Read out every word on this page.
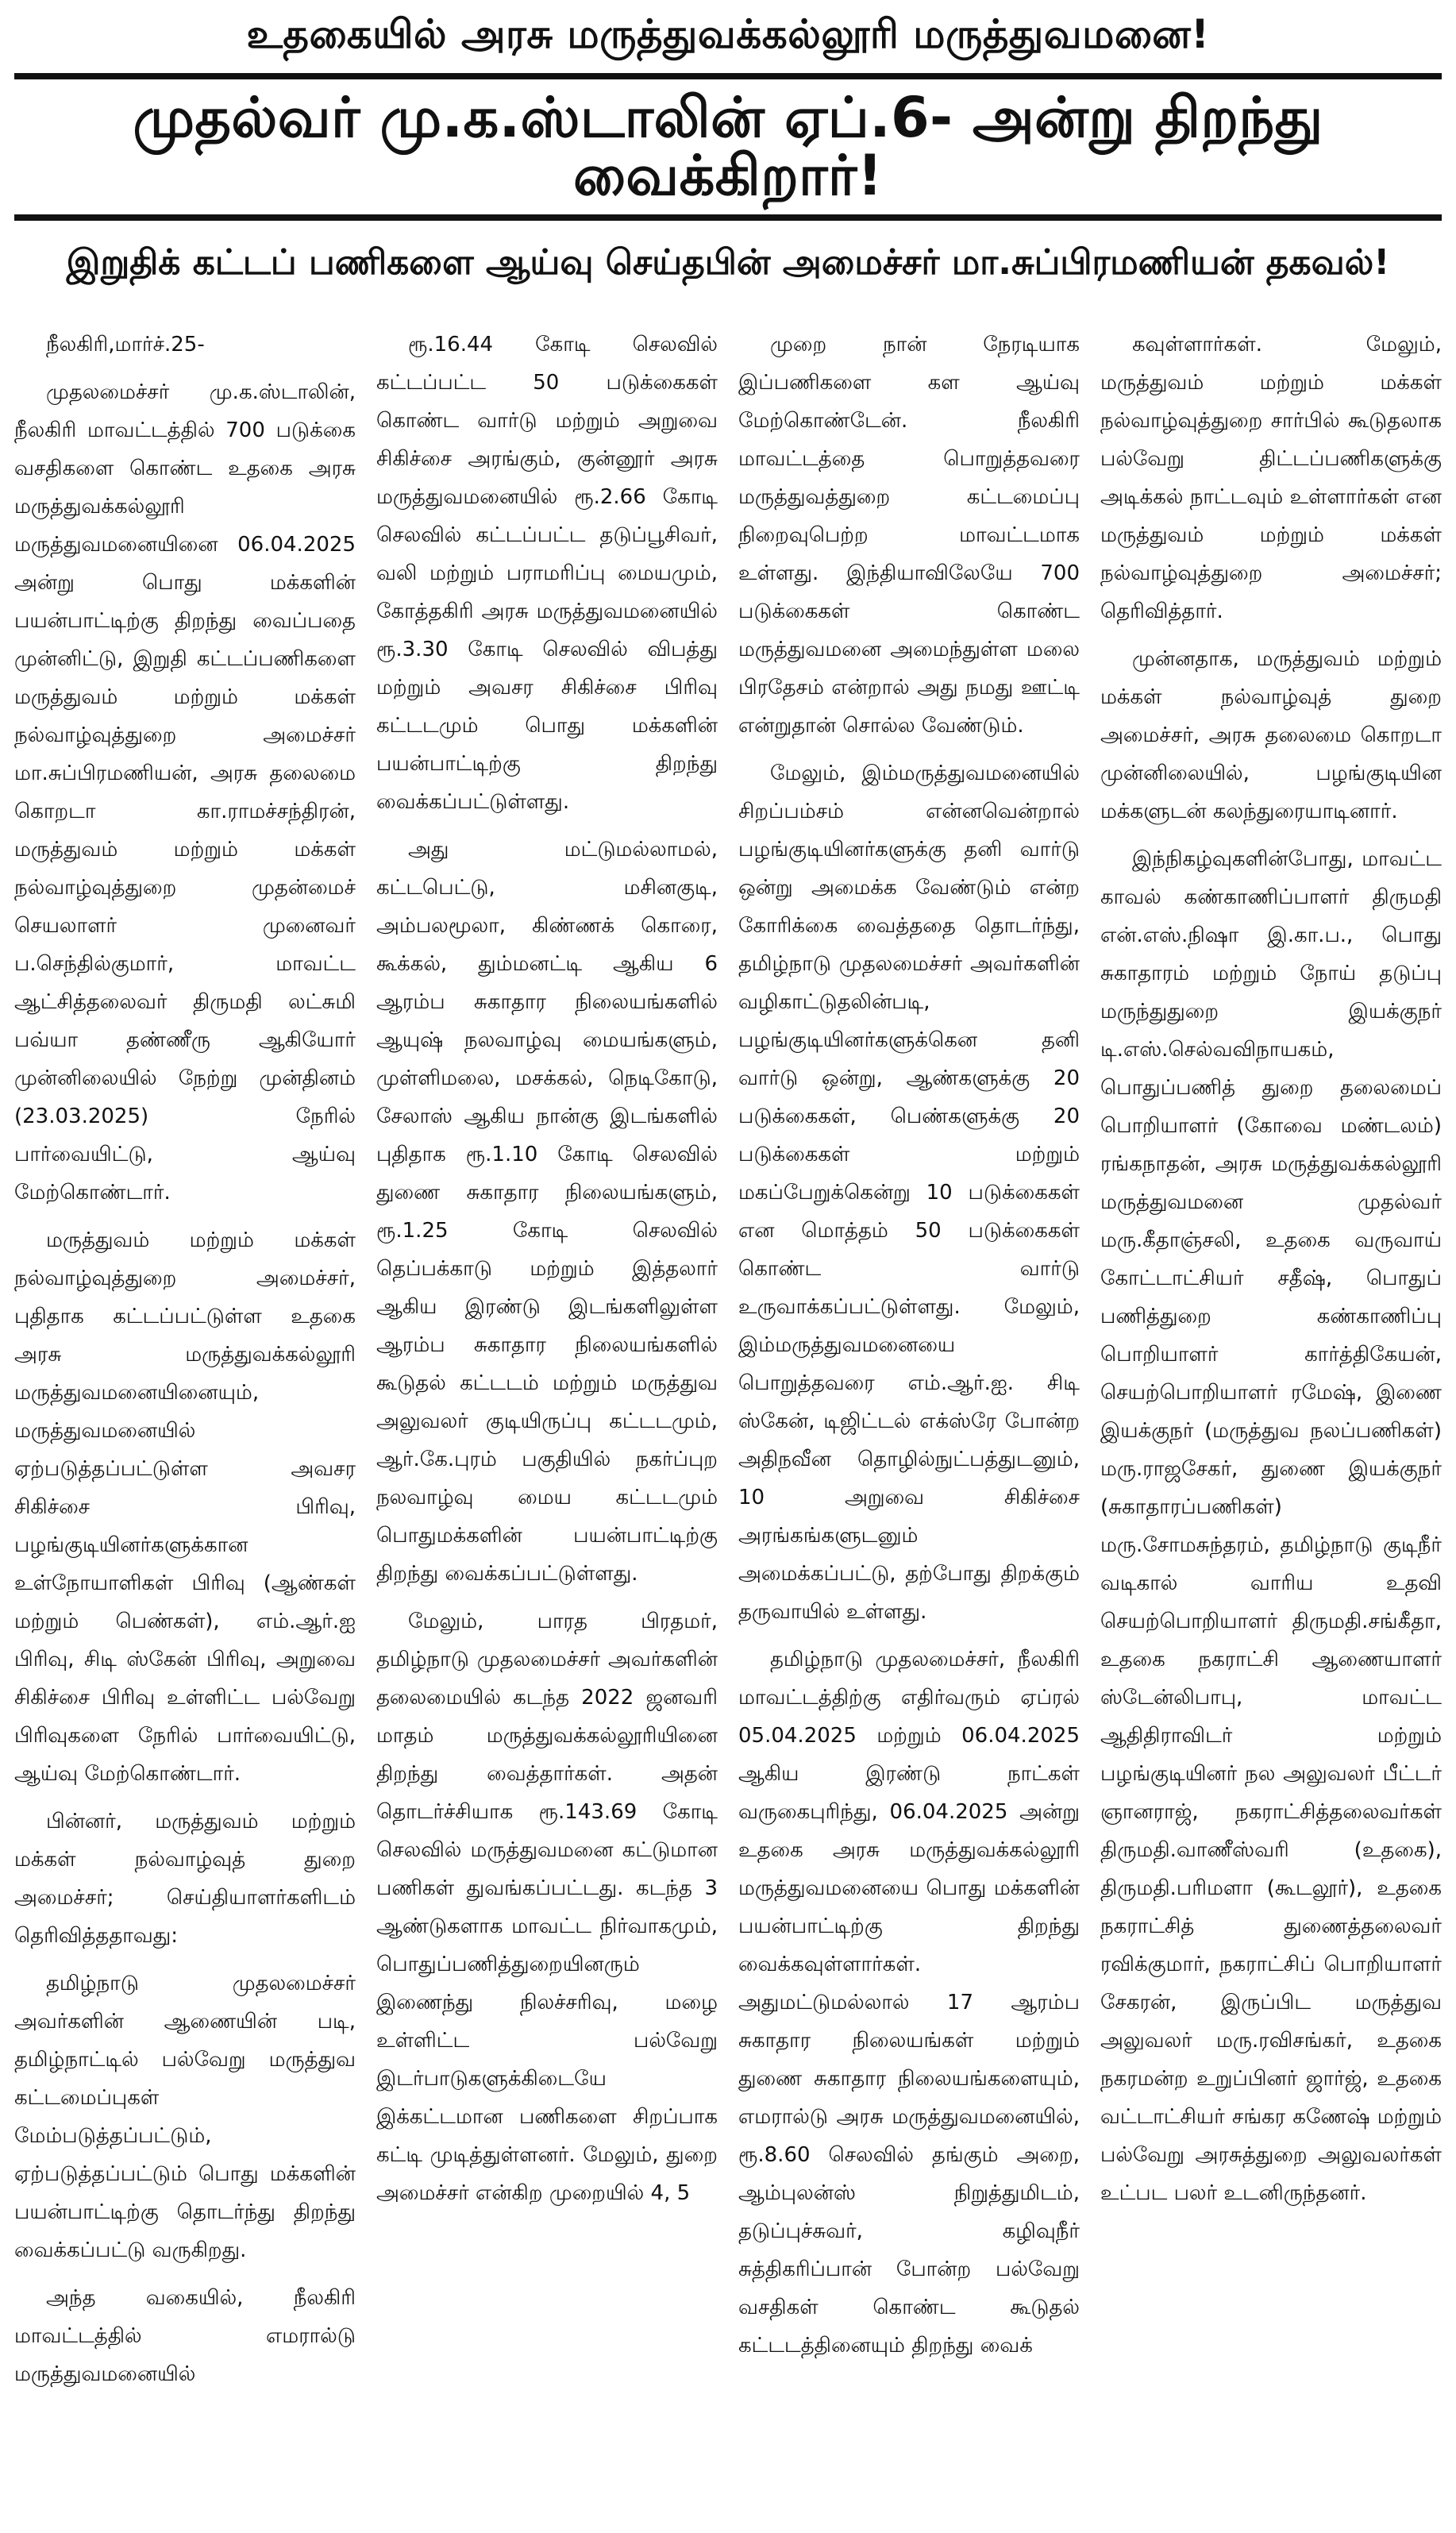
உதகையில் அரசு மருத்துவக்கல்லூரி மருத்துவமனை!
முதல்வர் மு.க.ஸ்டாலின் ஏப்.6- அன்று திறந்து வைக்கிறார்!
இறுதிக் கட்டப் பணிகளை ஆய்வு செய்தபின் அமைச்சர் மா.சுப்பிரமணியன் தகவல்!

நீலகிரி,மார்ச்.25-

முதலமைச்சர் மு.க.ஸ்டாலின், நீலகிரி மாவட்டத்தில் 700 படுக்கை வசதிகளை கொண்ட உதகை அரசு மருத்துவக்கல்லூரி மருத்துவமனையினை 06.04.2025 அன்று பொது மக்களின் பயன்பாட்டிற்கு திறந்து வைப்பதை முன்னிட்டு, இறுதி கட்டப்பணிகளை மருத்துவம் மற்றும் மக்கள் நல்வாழ்வுத்துறை அமைச்சர் மா.சுப்பிரமணியன், அரசு தலைமை கொறடா கா.ராமச்சந்திரன், மருத்துவம் மற்றும் மக்கள் நல்வாழ்வுத்துறை முதன்மைச் செயலாளர் முனைவர் ப.செந்தில்குமார், மாவட்ட ஆட்சித்தலைவர் திருமதி லட்சுமி பவ்யா தண்ணீரு ஆகியோர் முன்னிலையில் நேற்று முன்தினம் (23.03.2025) நேரில் பார்வையிட்டு, ஆய்வு மேற்கொண்டார்.

மருத்துவம் மற்றும் மக்கள் நல்வாழ்வுத்துறை அமைச்சர், புதிதாக கட்டப்பட்டுள்ள உதகை அரசு மருத்துவக்கல்லூரி மருத்துவமனையினையும், மருத்துவமனையில் ஏற்படுத்தப்பட்டுள்ள அவசர சிகிச்சை பிரிவு, பழங்குடியினர்களுக்கான உள்நோயாளிகள் பிரிவு (ஆண்கள் மற்றும் பெண்கள்), எம்.ஆர்.ஐ பிரிவு, சிடி ஸ்கேன் பிரிவு, அறுவை சிகிச்சை பிரிவு உள்ளிட்ட பல்வேறு பிரிவுகளை நேரில் பார்வையிட்டு, ஆய்வு மேற்கொண்டார்.

பின்னர், மருத்துவம் மற்றும் மக்கள் நல்வாழ்வுத் துறை அமைச்சர்; செய்தியாளர்களிடம் தெரிவித்ததாவது:

தமிழ்நாடு முதலமைச்சர் அவர்களின் ஆணையின் படி, தமிழ்நாட்டில் பல்வேறு மருத்துவ கட்டமைப்புகள் மேம்படுத்தப்பட்டும், ஏற்படுத்தப்பட்டும் பொது மக்களின் பயன்பாட்டிற்கு தொடர்ந்து திறந்து வைக்கப்பட்டு வருகிறது.

அந்த வகையில், நீலகிரி மாவட்டத்தில் எமரால்டு மருத்துவமனையில்

ரூ.16.44 கோடி செலவில் கட்டப்பட்ட 50 படுக்கைகள் கொண்ட வார்டு மற்றும் அறுவை சிகிச்சை அரங்கும், குன்னூர் அரசு மருத்துவமனையில் ரூ.2.66 கோடி செலவில் கட்டப்பட்ட தடுப்பூசிவர், வலி மற்றும் பராமரிப்பு மையமும், கோத்தகிரி அரசு மருத்துவமனையில் ரூ.3.30 கோடி செலவில் விபத்து மற்றும் அவசர சிகிச்சை பிரிவு கட்டடமும் பொது மக்களின் பயன்பாட்டிற்கு திறந்து வைக்கப்பட்டுள்ளது.

அது மட்டுமல்லாமல், கட்டபெட்டு, மசினகுடி, அம்பலமூலா, கிண்ணக் கொரை, கூக்கல், தும்மனட்டி ஆகிய 6 ஆரம்ப சுகாதார நிலையங்களில் ஆயுஷ் நலவாழ்வு மையங்களும், முள்ளிமலை, மசக்கல், நெடிகோடு, சேலாஸ் ஆகிய நான்கு இடங்களில் புதிதாக ரூ.1.10 கோடி செலவில் துணை சுகாதார நிலையங்களும், ரூ.1.25 கோடி செலவில் தெப்பக்காடு மற்றும் இத்தலார் ஆகிய இரண்டு இடங்களிலுள்ள ஆரம்ப சுகாதார நிலையங்களில் கூடுதல் கட்டடம் மற்றும் மருத்துவ அலுவலர் குடியிருப்பு கட்டடமும், ஆர்.கே.புரம் பகுதியில் நகர்ப்புற நலவாழ்வு மைய கட்டடமும் பொதுமக்களின் பயன்பாட்டிற்கு திறந்து வைக்கப்பட்டுள்ளது.

மேலும், பாரத பிரதமர், தமிழ்நாடு முதலமைச்சர் அவர்களின் தலைமையில் கடந்த 2022 ஜனவரி மாதம் மருத்துவக்கல்லூரியினை திறந்து வைத்தார்கள். அதன் தொடர்ச்சியாக ரூ.143.69 கோடி செலவில் மருத்துவமனை கட்டுமான பணிகள் துவங்கப்பட்டது. கடந்த 3 ஆண்டுகளாக மாவட்ட நிர்வாகமும், பொதுப்பணித்துறையினரும் இணைந்து நிலச்சரிவு, மழை உள்ளிட்ட பல்வேறு இடர்பாடுகளுக்கிடையே இக்கட்டமான பணிகளை சிறப்பாக கட்டி முடித்துள்ளனர். மேலும், துறை அமைச்சர் என்கிற முறையில் 4, 5

முறை நான் நேரடியாக இப்பணிகளை கள ஆய்வு மேற்கொண்டேன். நீலகிரி மாவட்டத்தை பொறுத்தவரை மருத்துவத்துறை கட்டமைப்பு நிறைவுபெற்ற மாவட்டமாக உள்ளது. இந்தியாவிலேயே 700 படுக்கைகள் கொண்ட மருத்துவமனை அமைந்துள்ள மலை பிரதேசம் என்றால் அது நமது ஊட்டி என்றுதான் சொல்ல வேண்டும்.

மேலும், இம்மருத்துவமனையில் சிறப்பம்சம் என்னவென்றால் பழங்குடியினர்களுக்கு தனி வார்டு ஒன்று அமைக்க வேண்டும் என்ற கோரிக்கை வைத்ததை தொடர்ந்து, தமிழ்நாடு முதலமைச்சர் அவர்களின் வழிகாட்டுதலின்படி, பழங்குடியினர்களுக்கென தனி வார்டு ஒன்று, ஆண்களுக்கு 20 படுக்கைகள், பெண்களுக்கு 20 படுக்கைகள் மற்றும் மகப்பேறுக்கென்று 10 படுக்கைகள் என மொத்தம் 50 படுக்கைகள் கொண்ட வார்டு உருவாக்கப்பட்டுள்ளது. மேலும், இம்மருத்துவமனையை பொறுத்தவரை எம்.ஆர்.ஐ. சிடி ஸ்கேன், டிஜிட்டல் எக்ஸ்ரே போன்ற அதிநவீன தொழில்நுட்பத்துடனும், 10 அறுவை சிகிச்சை அரங்கங்களுடனும் அமைக்கப்பட்டு, தற்போது திறக்கும் தருவாயில் உள்ளது.

தமிழ்நாடு முதலமைச்சர், நீலகிரி மாவட்டத்திற்கு எதிர்வரும் ஏப்ரல் 05.04.2025 மற்றும் 06.04.2025 ஆகிய இரண்டு நாட்கள் வருகைபுரிந்து, 06.04.2025 அன்று உதகை அரசு மருத்துவக்கல்லூரி மருத்துவமனையை பொது மக்களின் பயன்பாட்டிற்கு திறந்து வைக்கவுள்ளார்கள். அதுமட்டுமல்லால் 17 ஆரம்ப சுகாதார நிலையங்கள் மற்றும் துணை சுகாதார நிலையங்களையும், எமரால்டு அரசு மருத்துவமனையில், ரூ.8.60 செலவில் தங்கும் அறை, ஆம்புலன்ஸ் நிறுத்துமிடம், தடுப்புச்சுவர், கழிவுநீர் சுத்திகரிப்பான் போன்ற பல்வேறு வசதிகள் கொண்ட கூடுதல் கட்டடத்தினையும் திறந்து வைக்

கவுள்ளார்கள். மேலும், மருத்துவம் மற்றும் மக்கள் நல்வாழ்வுத்துறை சார்பில் கூடுதலாக பல்வேறு திட்டப்பணிகளுக்கு அடிக்கல் நாட்டவும் உள்ளார்கள் என மருத்துவம் மற்றும் மக்கள் நல்வாழ்வுத்துறை அமைச்சர்; தெரிவித்தார்.

முன்னதாக, மருத்துவம் மற்றும் மக்கள் நல்வாழ்வுத் துறை அமைச்சர், அரசு தலைமை கொறடா முன்னிலையில், பழங்குடியின மக்களுடன் கலந்துரையாடினார்.

இந்நிகழ்வுகளின்போது, மாவட்ட காவல் கண்காணிப்பாளர் திருமதி என்.எஸ்.நிஷா இ.கா.ப., பொது சுகாதாரம் மற்றும் நோய் தடுப்பு மருந்துதுறை இயக்குநர் டி.எஸ்.செல்வவிநாயகம், பொதுப்பணித் துறை தலைமைப் பொறியாளர் (கோவை மண்டலம்) ரங்கநாதன், அரசு மருத்துவக்கல்லூரி மருத்துவமனை முதல்வர் மரு.கீதாஞ்சலி, உதகை வருவாய் கோட்டாட்சியர் சதீஷ், பொதுப் பணித்துறை கண்காணிப்பு பொறியாளர் கார்த்திகேயன், செயற்பொறியாளர் ரமேஷ், இணை இயக்குநர் (மருத்துவ நலப்பணிகள்) மரு.ராஜசேகர், துணை இயக்குநர் (சுகாதாரப்பணிகள்) மரு.சோமசுந்தரம், தமிழ்நாடு குடிநீர் வடிகால் வாரிய உதவி செயற்பொறியாளர் திருமதி.சங்கீதா, உதகை நகராட்சி ஆணையாளர் ஸ்டேன்லிபாபு, மாவட்ட ஆதிதிராவிடர் மற்றும் பழங்குடியினர் நல அலுவலர் பீட்டர் ஞானராஜ், நகராட்சித்தலைவர்கள் திருமதி.வாணீஸ்வரி (உதகை), திருமதி.பரிமளா (கூடலூர்), உதகை நகராட்சித் துணைத்தலைவர் ரவிக்குமார், நகராட்சிப் பொறியாளர் சேகரன், இருப்பிட மருத்துவ அலுவலர் மரு.ரவிசங்கர், உதகை நகரமன்ற உறுப்பினர் ஜார்ஜ், உதகை வட்டாட்சியர் சங்கர கணேஷ் மற்றும் பல்வேறு அரசுத்துறை அலுவலர்கள் உட்பட பலர் உடனிருந்தனர்.
